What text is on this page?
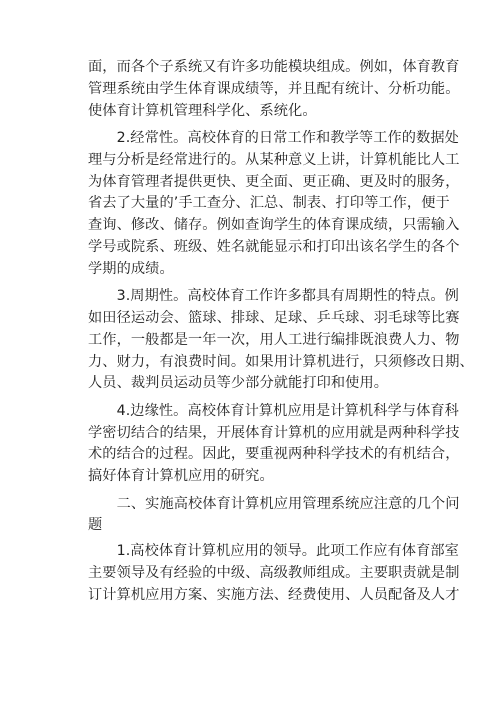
面，而各个子系统又有许多功能模块组成。例如，体育教育
管理系统由学生体育课成绩等，并且配有统计、分析功能。
使体育计算机管理科学化、系统化。
　　2.经常性。高校体育的日常工作和教学等工作的数据处
理与分析是经常进行的。从某种意义上讲，计算机能比人工
为体育管理者提供更快、更全面、更正确、更及时的服务，
省去了大量的’手工查分、汇总、制表、打印等工作，便于
查询、修改、储存。例如查询学生的体育课成绩，只需输入
学号或院系、班级、姓名就能显示和打印出该名学生的各个
学期的成绩。
　　3.周期性。高校体育工作许多都具有周期性的特点。例
如田径运动会、篮球、排球、足球、乒乓球、羽毛球等比赛
工作，一般都是一年一次，用人工进行编排既浪费人力、物
力、财力，有浪费时间。如果用计算机进行，只须修改日期、
人员、裁判员运动员等少部分就能打印和使用。
　　4.边缘性。高校体育计算机应用是计算机科学与体育科
学密切结合的结果，开展体育计算机的应用就是两种科学技
术的结合的过程。因此，要重视两种科学技术的有机结合，
搞好体育计算机应用的研究。
　　二、实施高校体育计算机应用管理系统应注意的几个问
题
　　1.高校体育计算机应用的领导。此项工作应有体育部室
主要领导及有经验的中级、高级教师组成。主要职责就是制
订计算机应用方案、实施方法、经费使用、人员配备及人才
